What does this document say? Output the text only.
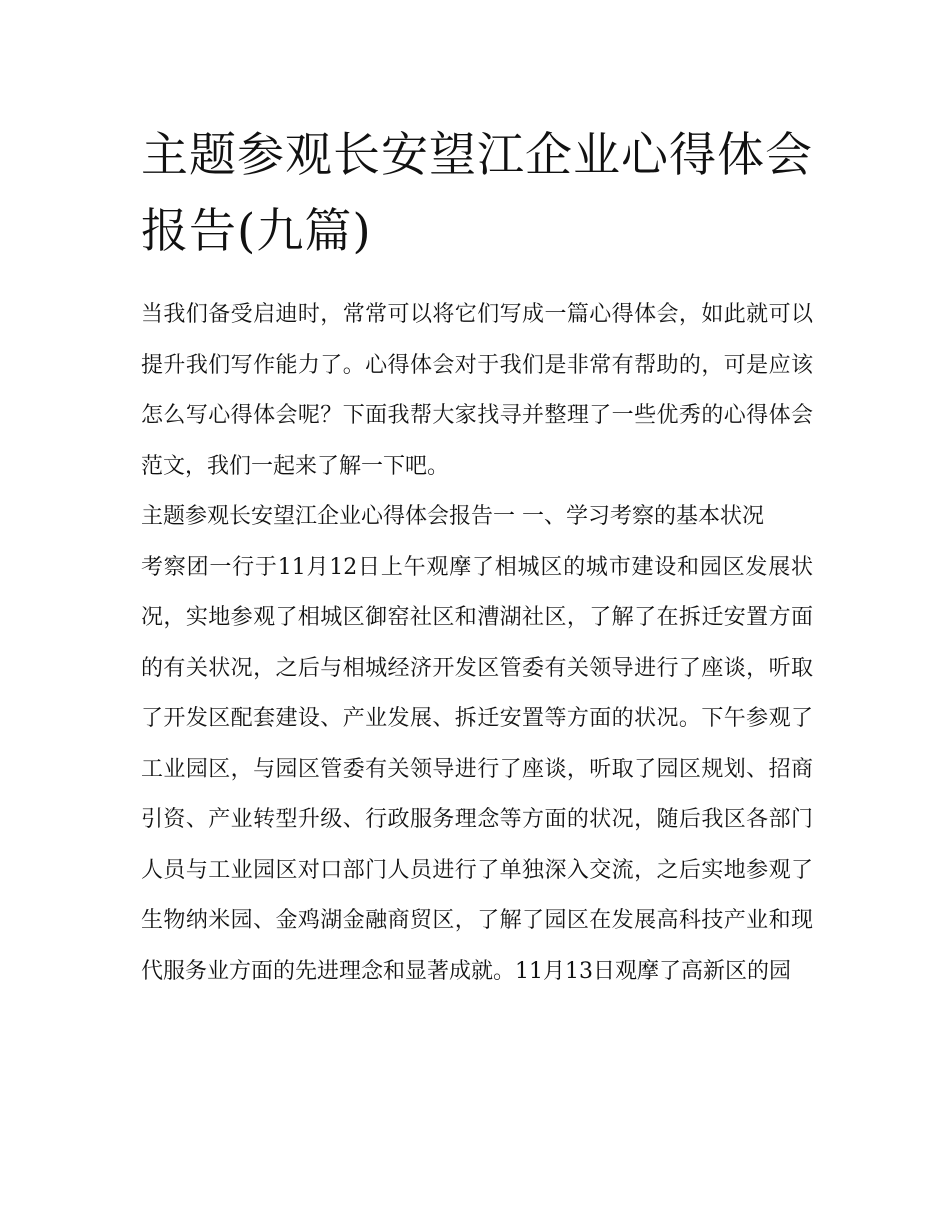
主题参观长安望江企业心得体会报告(九篇)

当我们备受启迪时，常常可以将它们写成一篇心得体会，如此就可以提升我们写作能力了。心得体会对于我们是非常有帮助的，可是应该怎么写心得体会呢？下面我帮大家找寻并整理了一些优秀的心得体会范文，我们一起来了解一下吧。

主题参观长安望江企业心得体会报告一 一、学习考察的基本状况

考察团一行于11月12日上午观摩了相城区的城市建设和园区发展状况，实地参观了相城区御窑社区和漕湖社区，了解了在拆迁安置方面的有关状况，之后与相城经济开发区管委有关领导进行了座谈，听取了开发区配套建设、产业发展、拆迁安置等方面的状况。下午参观了工业园区，与园区管委有关领导进行了座谈，听取了园区规划、招商引资、产业转型升级、行政服务理念等方面的状况，随后我区各部门人员与工业园区对口部门人员进行了单独深入交流，之后实地参观了生物纳米园、金鸡湖金融商贸区，了解了园区在发展高科技产业和现代服务业方面的先进理念和显著成就。11月13日观摩了高新区的园
